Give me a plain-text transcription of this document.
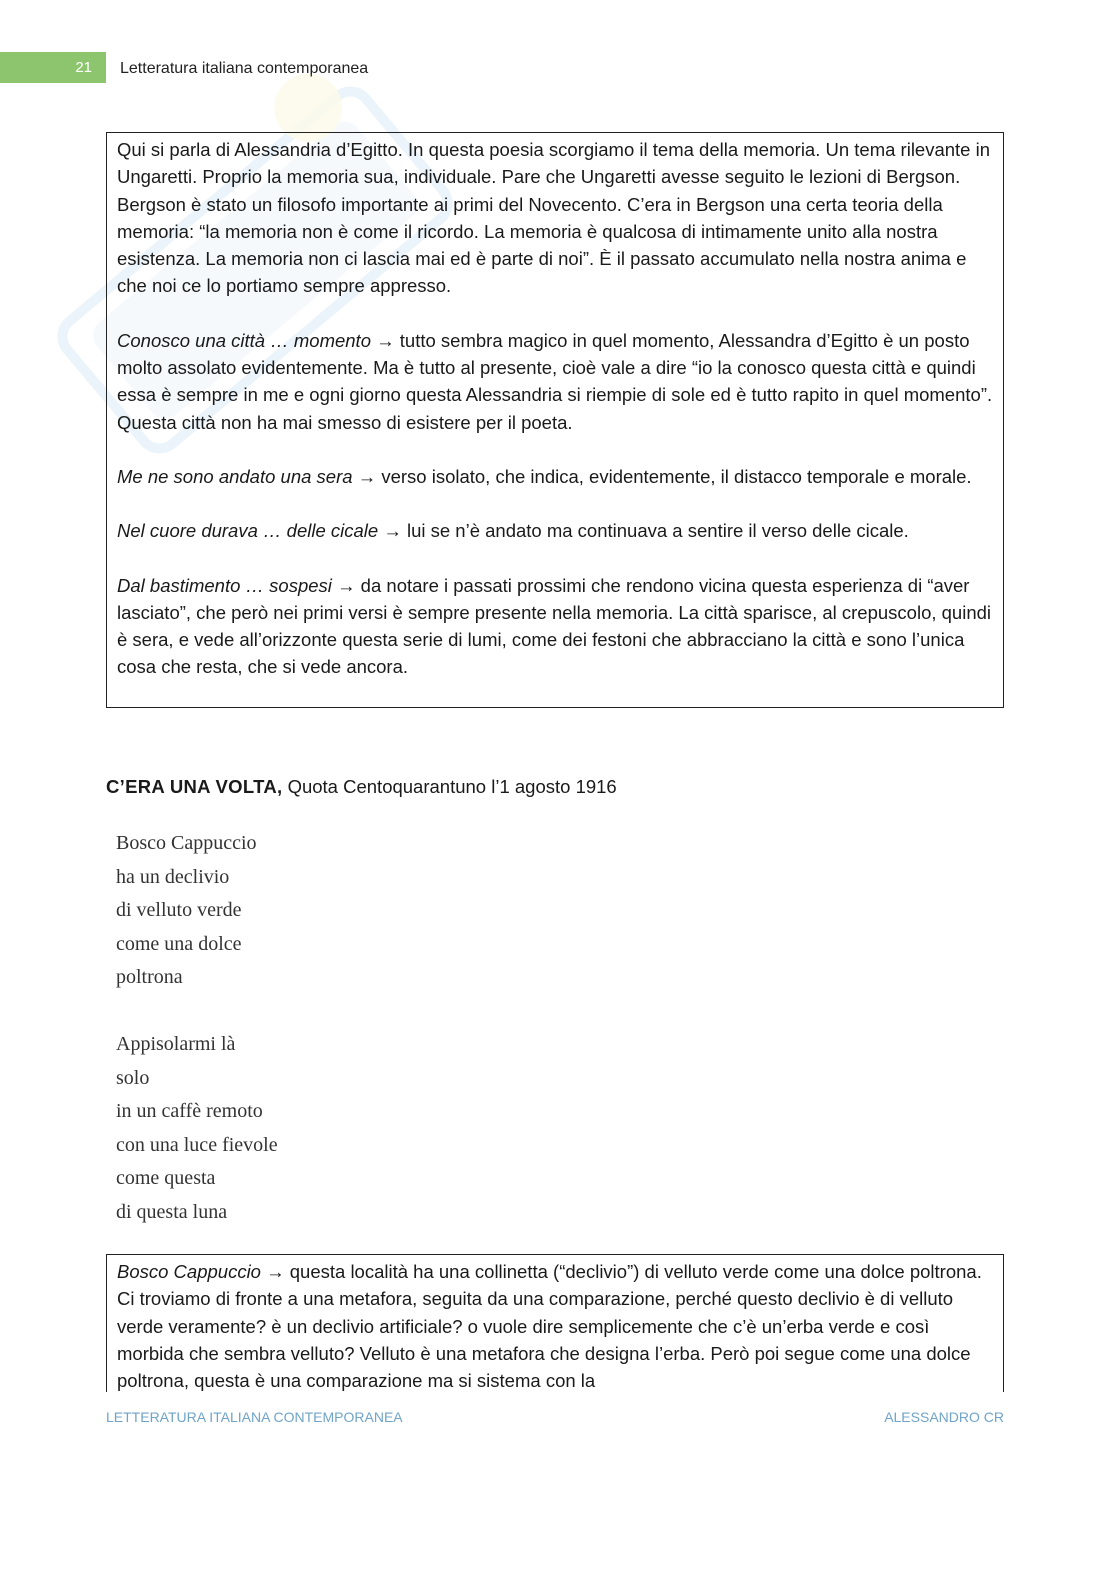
21 Letteratura italiana contemporanea

Qui si parla di Alessandria d’Egitto. In questa poesia scorgiamo il tema della memoria. Un tema rilevante in Ungaretti. Proprio la memoria sua, individuale. Pare che Ungaretti avesse seguito le lezioni di Bergson. Bergson è stato un filosofo importante ai primi del Novecento. C’era in Bergson una certa teoria della memoria: “la memoria non è come il ricordo. La memoria è qualcosa di intimamente unito alla nostra esistenza. La memoria non ci lascia mai ed è parte di noi”. È il passato accumulato nella nostra anima e che noi ce lo portiamo sempre appresso.

Conosco una città … momento → tutto sembra magico in quel momento, Alessandra d’Egitto è un posto molto assolato evidentemente. Ma è tutto al presente, cioè vale a dire “io la conosco questa città e quindi essa è sempre in me e ogni giorno questa Alessandria si riempie di sole ed è tutto rapito in quel momento”. Questa città non ha mai smesso di esistere per il poeta.

Me ne sono andato una sera → verso isolato, che indica, evidentemente, il distacco temporale e morale.

Nel cuore durava … delle cicale → lui se n’è andato ma continuava a sentire il verso delle cicale.

Dal bastimento … sospesi → da notare i passati prossimi che rendono vicina questa esperienza di “aver lasciato”, che però nei primi versi è sempre presente nella memoria. La città sparisce, al crepuscolo, quindi è sera, e vede all’orizzonte questa serie di lumi, come dei festoni che abbracciano la città e sono l’unica cosa che resta, che si vede ancora.

C’ERA UNA VOLTA, Quota Centoquarantuno l’1 agosto 1916
Bosco Cappuccio
ha un declivio
di velluto verde
come una dolce
poltrona
Appisolarmi là
solo
in un caffè remoto
con una luce fievole
come questa
di questa luna

Bosco Cappuccio → questa località ha una collinetta (“declivio”) di velluto verde come una dolce poltrona. Ci troviamo di fronte a una metafora, seguita da una comparazione, perché questo declivio è di velluto verde veramente? è un declivio artificiale? o vuole dire semplicemente che c’è un’erba verde e così morbida che sembra velluto? Velluto è una metafora che designa l’erba. Però poi segue come una dolce poltrona, questa è una comparazione ma si sistema con la

LETTERATURA ITALIANA CONTEMPORANEA	ALESSANDRO CR
